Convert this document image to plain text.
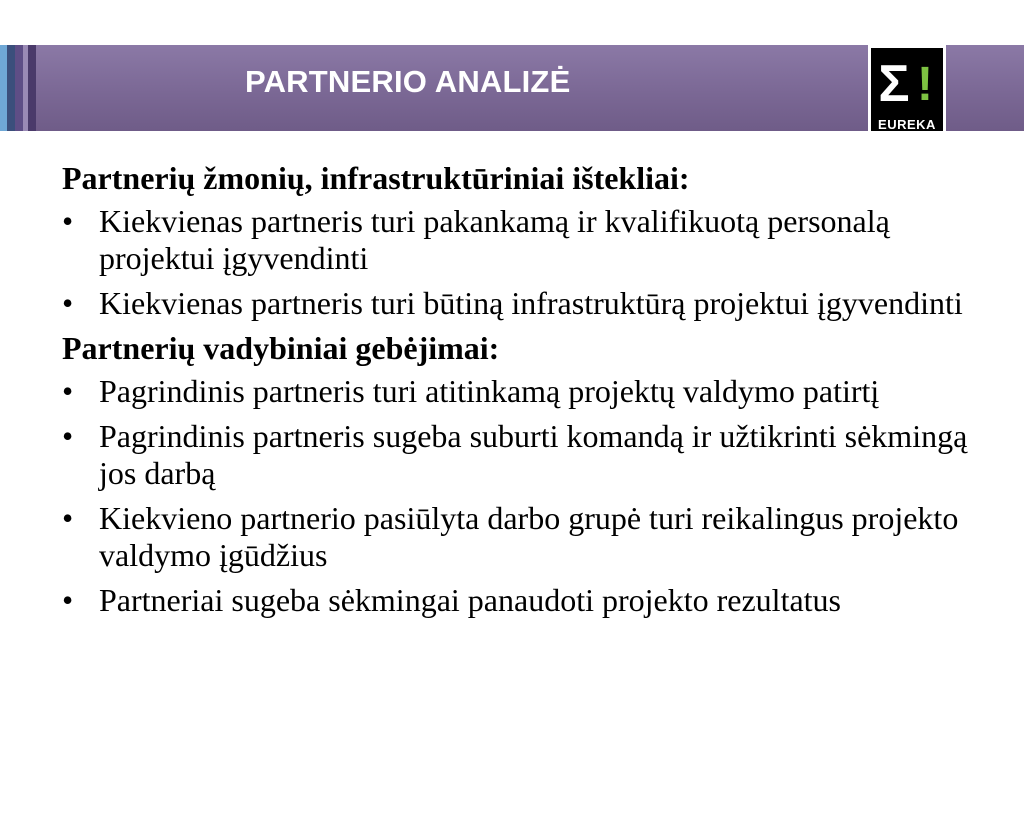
PARTNERIO ANALIZĖ	Σ !
EUREKA
Partnerių žmonių, infrastruktūriniai ištekliai:
• Kiekvienas partneris turi pakankamą ir kvalifikuotą personalą projektui įgyvendinti
• Kiekvienas partneris turi būtiną infrastruktūrą projektui įgyvendinti
Partnerių vadybiniai gebėjimai:
• Pagrindinis partneris turi atitinkamą projektų valdymo patirtį
• Pagrindinis partneris sugeba suburti komandą ir užtikrinti sėkmingą jos darbą
• Kiekvieno partnerio pasiūlyta darbo grupė turi reikalingus projekto valdymo įgūdžius
• Partneriai sugeba sėkmingai panaudoti projekto rezultatus
